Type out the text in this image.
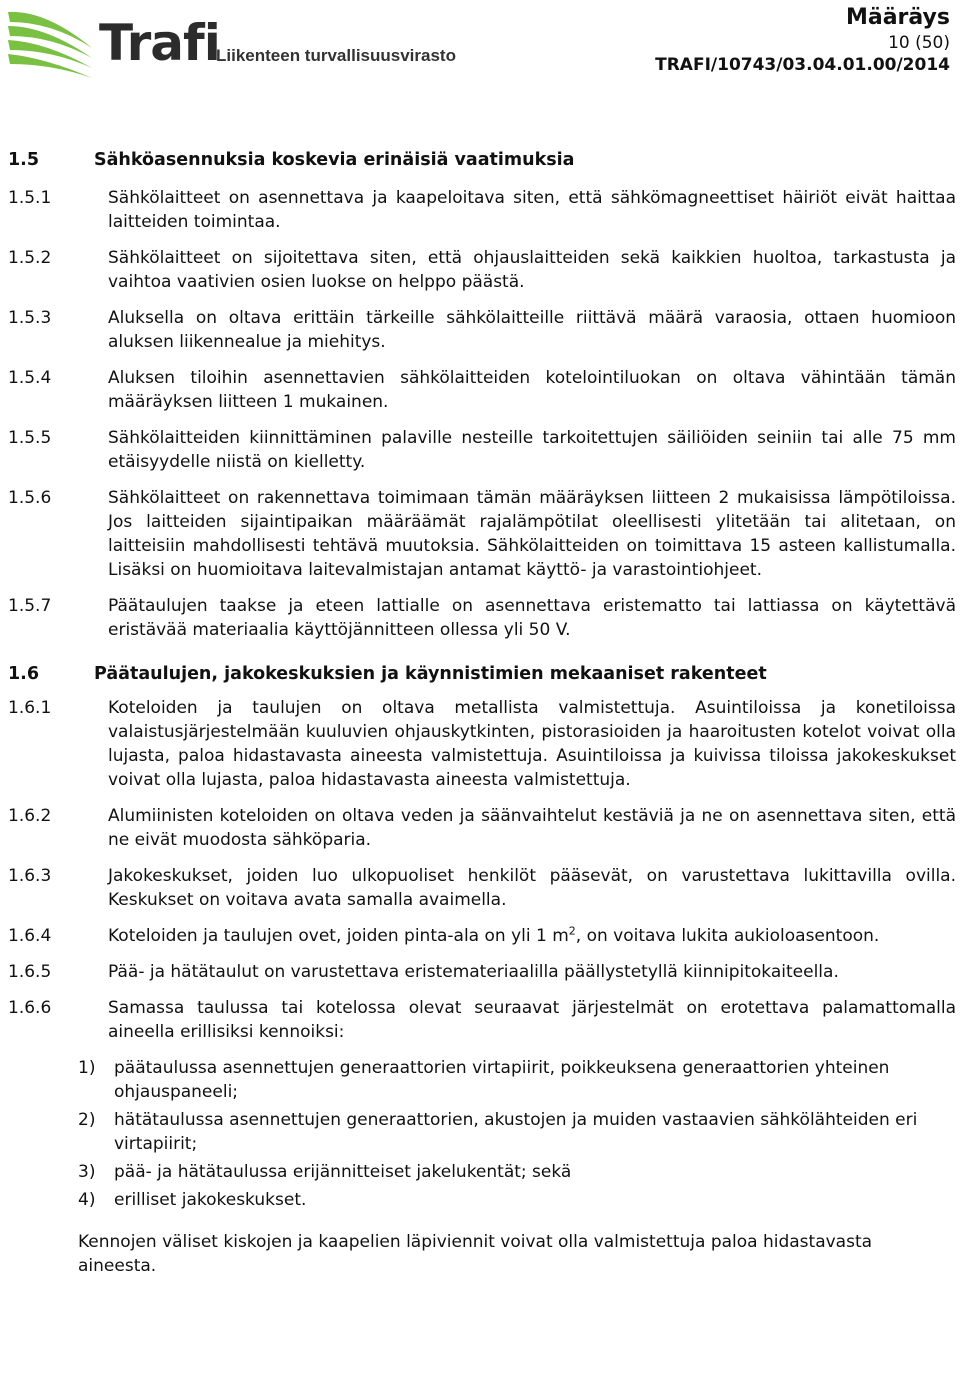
Trafi
Liikenteen turvallisuusvirasto
Määräys
10 (50)
TRAFI/10743/03.04.01.00/2014
1.5	Sähköasennuksia koskevia erinäisiä vaatimuksia
1.5.1	Sähkölaitteet on asennettava ja kaapeloitava siten, että sähkömagneettiset häiriöt eivät haittaa laitteiden toimintaa.
1.5.2	Sähkölaitteet on sijoitettava siten, että ohjauslaitteiden sekä kaikkien huoltoa, tarkastusta ja vaihtoa vaativien osien luokse on helppo päästä.
1.5.3	Aluksella on oltava erittäin tärkeille sähkölaitteille riittävä määrä varaosia, ottaen huomioon aluksen liikennealue ja miehitys.
1.5.4	Aluksen tiloihin asennettavien sähkölaitteiden kotelointiluokan on oltava vähintään tämän määräyksen liitteen 1 mukainen.
1.5.5	Sähkölaitteiden kiinnittäminen palaville nesteille tarkoitettujen säiliöiden seiniin tai alle 75 mm etäisyydelle niistä on kielletty.
1.5.6	Sähkölaitteet on rakennettava toimimaan tämän määräyksen liitteen 2 mukaisissa lämpötiloissa. Jos laitteiden sijaintipaikan määräämät rajalämpötilat oleellisesti ylitetään tai alitetaan, on laitteisiin mahdollisesti tehtävä muutoksia. Sähkölaitteiden on toimittava 15 asteen kallistumalla. Lisäksi on huomioitava laitevalmistajan antamat käyttö- ja varastointiohjeet.
1.5.7	Päätaulujen taakse ja eteen lattialle on asennettava eristematto tai lattiassa on käytettävä eristävää materiaalia käyttöjännitteen ollessa yli 50 V.
1.6	Päätaulujen, jakokeskuksien ja käynnistimien mekaaniset rakenteet
1.6.1	Koteloiden ja taulujen on oltava metallista valmistettuja. Asuintiloissa ja konetiloissa valaistusjärjestelmään kuuluvien ohjauskytkinten, pistorasioiden ja haaroitusten kotelot voivat olla lujasta, paloa hidastavasta aineesta valmistettuja. Asuintiloissa ja kuivissa tiloissa jakokeskukset voivat olla lujasta, paloa hidastavasta aineesta valmistettuja.
1.6.2	Alumiinisten koteloiden on oltava veden ja säänvaihtelut kestäviä ja ne on asennettava siten, että ne eivät muodosta sähköparia.
1.6.3	Jakokeskukset, joiden luo ulkopuoliset henkilöt pääsevät, on varustettava lukittavilla ovilla. Keskukset on voitava avata samalla avaimella.
1.6.4	Koteloiden ja taulujen ovet, joiden pinta-ala on yli 1 $m^2$, on voitava lukita aukioloasentoon.
1.6.5	Pää- ja hätätaulut on varustettava eristemateriaalilla päällystetyllä kiinnipitokaiteella.
1.6.6	Samassa taulussa tai kotelossa olevat seuraavat järjestelmät on erotettava palamattomalla aineella erillisiksi kennoiksi:
1)	päätaulussa asennettujen generaattorien virtapiirit, poikkeuksena generaattorien yhteinen ohjauspaneeli;
2)	hätätaulussa asennettujen generaattorien, akustojen ja muiden vastaavien sähkölähteiden eri virtapiirit;
3)	pää- ja hätätaulussa erijännitteiset jakelukentät; sekä
4)	erilliset jakokeskukset.
Kennojen väliset kiskojen ja kaapelien läpiviennit voivat olla valmistettuja paloa hidastavasta aineesta.
